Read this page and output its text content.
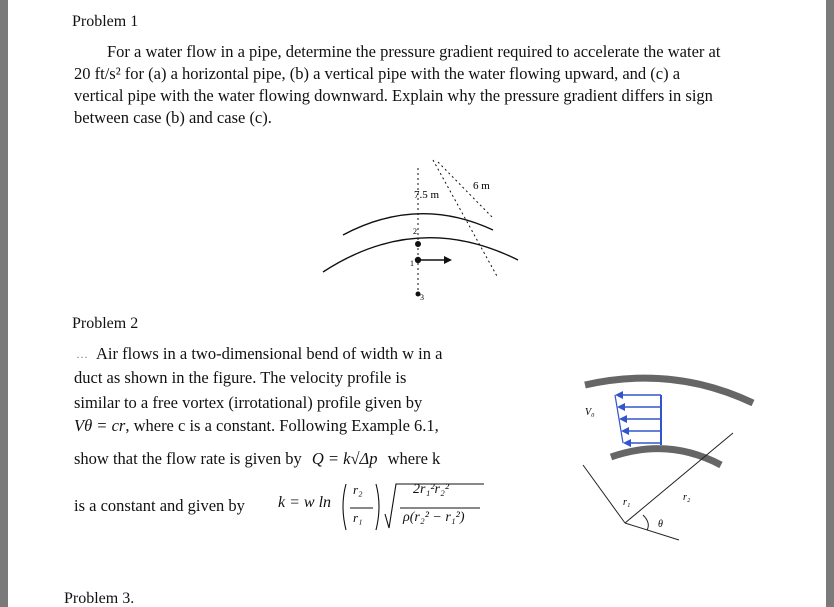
Problem 1
For a water flow in a pipe, determine the pressure gradient required to accelerate the water at
20 ft/s² for (a) a horizontal pipe, (b) a vertical pipe with the water flowing upward, and (c) a
vertical pipe with the water flowing downward. Explain why the pressure gradient differs in sign
between case (b) and case (c).
7.5 m
6 m
2
1
3
Problem 2
… Air flows in a two-dimensional bend of width w in a
duct as shown in the figure. The velocity profile is
similar to a free vortex (irrotational) profile given by
Vθ = cr, where c is a constant. Following Example 6.1,
show that the flow rate is given by Q = k√Δp where k
is a constant and given by k = w ln
r₂
r₁
2r₁²r₂²
ρ(r₂² − r₁²)
V₀
r₁	r₂
θ
Problem 3.
